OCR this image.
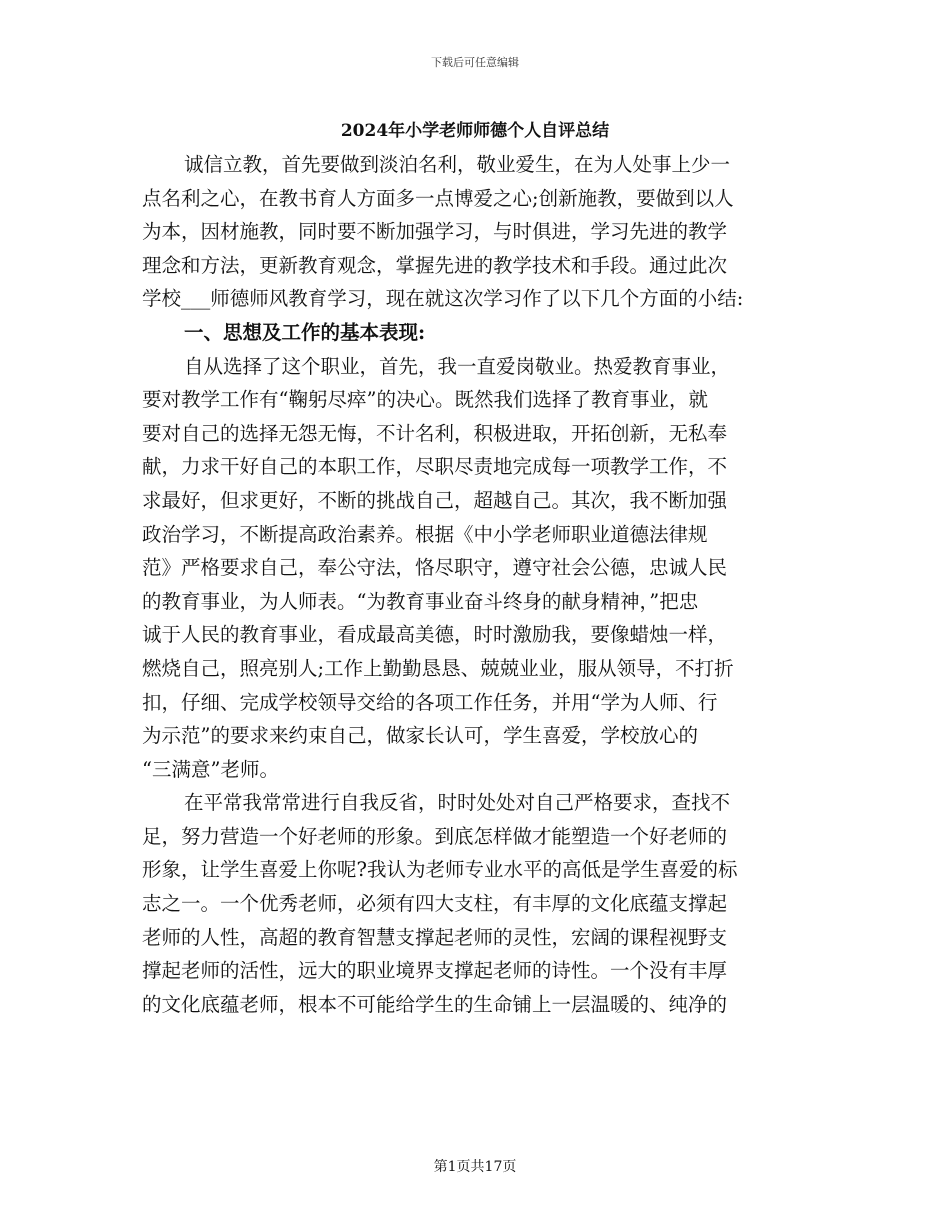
下载后可任意编辑
2024年小学老师师德个人自评总结
诚信立教，首先要做到淡泊名利，敬业爱生，在为人处事上少一
点名利之心，在教书育人方面多一点博爱之心;创新施教，要做到以人
为本，因材施教，同时要不断加强学习，与时俱进，学习先进的教学
理念和方法，更新教育观念，掌握先进的教学技术和手段。通过此次
学校___师德师风教育学习，现在就这次学习作了以下几个方面的小结:
一、思想及工作的基本表现:
自从选择了这个职业，首先，我一直爱岗敬业。热爱教育事业，
要对教学工作有“鞠躬尽瘁”的决心。既然我们选择了教育事业，就
要对自己的选择无怨无悔，不计名利，积极进取，开拓创新，无私奉
献，力求干好自己的本职工作，尽职尽责地完成每一项教学工作，不
求最好，但求更好，不断的挑战自己，超越自己。其次，我不断加强
政治学习，不断提高政治素养。根据《中小学老师职业道德法律规
范》严格要求自己，奉公守法，恪尽职守，遵守社会公德，忠诚人民
的教育事业，为人师表。“为教育事业奋斗终身的献身精神，”把忠
诚于人民的教育事业，看成最高美德，时时激励我，要像蜡烛一样，
燃烧自己，照亮别人;工作上勤勤恳恳、兢兢业业，服从领导，不打折
扣，仔细、完成学校领导交给的各项工作任务，并用“学为人师、行
为示范”的要求来约束自己，做家长认可，学生喜爱，学校放心的
“三满意”老师。
在平常我常常进行自我反省，时时处处对自己严格要求，查找不
足，努力营造一个好老师的形象。到底怎样做才能塑造一个好老师的
形象，让学生喜爱上你呢?我认为老师专业水平的高低是学生喜爱的标
志之一。一个优秀老师，必须有四大支柱，有丰厚的文化底蕴支撑起
老师的人性，高超的教育智慧支撑起老师的灵性，宏阔的课程视野支
撑起老师的活性，远大的职业境界支撑起老师的诗性。一个没有丰厚
的文化底蕴老师，根本不可能给学生的生命铺上一层温暖的、纯净的
第1页共17页
